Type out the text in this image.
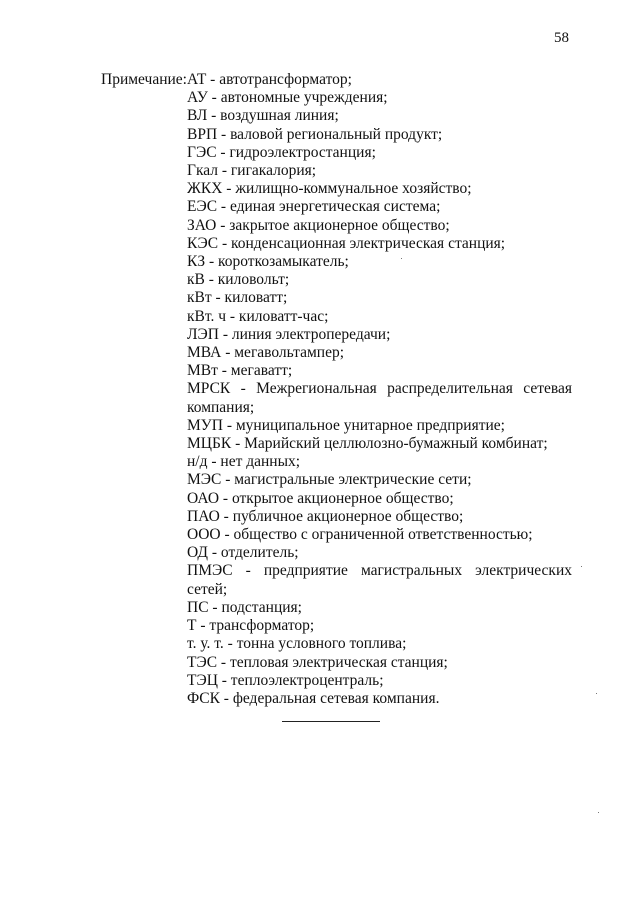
58
Примечание: АТ - автотрансформатор;
АУ - автономные учреждения;
ВЛ - воздушная линия;
ВРП - валовой региональный продукт;
ГЭС - гидроэлектростанция;
Гкал - гигакалория;
ЖКХ - жилищно-коммунальное хозяйство;
ЕЭС - единая энергетическая система;
ЗАО - закрытое акционерное общество;
КЭС - конденсационная электрическая станция;
КЗ - короткозамыкатель;
кВ - киловольт;
кВт - киловатт;
кВт. ч - киловатт-час;
ЛЭП - линия электропередачи;
МВА - мегавольтампер;
МВт - мегаватт;
МРСК - Межрегиональная распределительная сетевая компания;
МУП - муниципальное унитарное предприятие;
МЦБК - Марийский целлюлозно-бумажный комбинат;
н/д - нет данных;
МЭС - магистральные электрические сети;
ОАО - открытое акционерное общество;
ПАО - публичное акционерное общество;
ООО - общество с ограниченной ответственностью;
ОД - отделитель;
ПМЭС - предприятие магистральных электрических сетей;
ПС - подстанция;
Т - трансформатор;
т. у. т. - тонна условного топлива;
ТЭС - тепловая электрическая станция;
ТЭЦ - теплоэлектроцентраль;
ФСК - федеральная сетевая компания.
